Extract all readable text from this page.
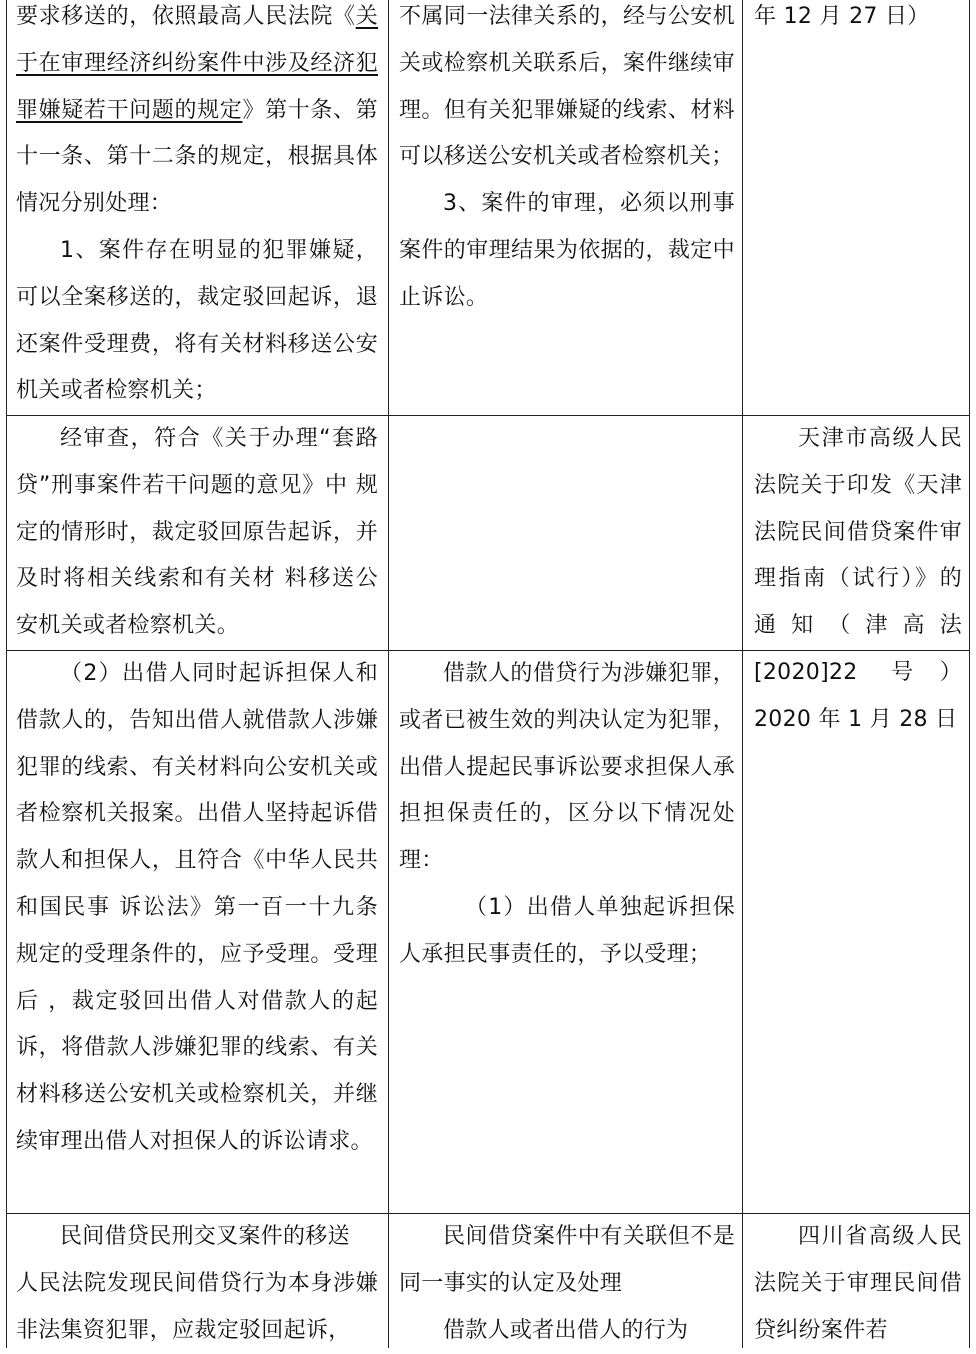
要求移送的，依照最高人民法院《关于在审理经济纠纷案件中涉及经济犯罪嫌疑若干问题的规定》第十条、第十一条、第十二条的规定，根据具体情况分别处理：

1、案件存在明显的犯罪嫌疑，可以全案移送的，裁定驳回起诉，退还案件受理费，将有关材料移送公安机关或者检察机关；

不属同一法律关系的，经与公安机关或检察机关联系后，案件继续审理。但有关犯罪嫌疑的线索、材料可以移送公安机关或者检察机关；

3、案件的审理，必须以刑事案件的审理结果为依据的，裁定中止诉讼。

年 12 月 27 日）

经审查，符合《关于办理“套路贷”刑事案件若干问题的意见》中 规定的情形时，裁定驳回原告起诉，并及时将相关线索和有关材 料移送公安机关或者检察机关。

天津市高级人民法院关于印发《天津法院民间借贷案件审理指南（试行）》的通知（津高法[2020]22 号） 2020 年 1 月 28 日

（2）出借人同时起诉担保人和借款人的，告知出借人就借款人涉嫌犯罪的线索、有关材料向公安机关或者检察机关报案。出借人坚持起诉借款人和担保人，且符合《中华人民共和国民事 诉讼法》第一百一十九条规定的受理条件的，应予受理。受理后 ，裁定驳回出借人对借款人的起诉，将借款人涉嫌犯罪的线索、有关材料移送公安机关或检察机关，并继续审理出借人对担保人的诉讼请求。

借款人的借贷行为涉嫌犯罪，或者已被生效的判决认定为犯罪，出借人提起民事诉讼要求担保人承担担保责任的，区分以下情况处理：

（1）出借人单独起诉担保人承担民事责任的，予以受理；

民间借贷民刑交叉案件的移送

人民法院发现民间借贷行为本身涉嫌非法集资犯罪，应裁定驳回起诉，

民间借贷案件中有关联但不是同一事实的认定及处理

借款人或者出借人的行为

四川省高级人民法院关于审理民间借贷纠纷案件若
